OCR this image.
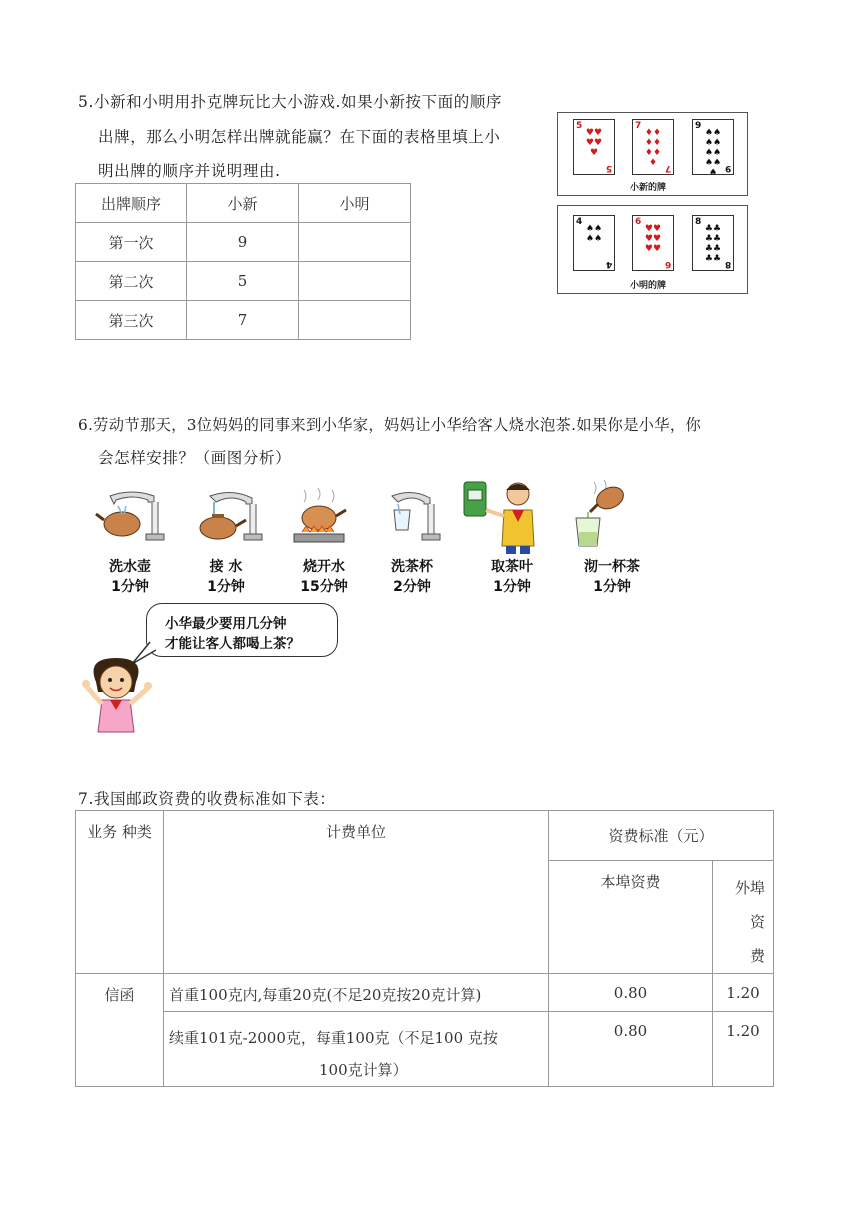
5.小新和小明用扑克牌玩比大小游戏.如果小新按下面的顺序
出牌，那么小明怎样出牌就能赢？在下面的表格里填上小
明出牌的顺序并说明理由.
出牌顺序	小新	小明
第一次	9	
第二次	5	
第三次	7	
5
♥♥♥♥♥
5
7
♦♦♦♦♦♦♦ 7
9
♠♠♠♠♠♠♠♠♠ 9
小新的牌
4
♠♠♠♠
4
6
♥♥♥♥♥♥
6
8
♣♣♣♣♣♣♣♣ 8
小明的牌
6.劳动节那天，3位妈妈的同事来到小华家，妈妈让小华给客人烧水泡茶.如果你是小华，你
会怎样安排？（画图分析）
洗水壶
1分钟
接 水
1分钟
烧开水
15分钟
洗茶杯
2分钟
取茶叶
1分钟
沏一杯茶
1分钟
小华最少要用几分钟
才能让客人都喝上茶？
7.我国邮政资费的收费标准如下表：
业务 种类	计费单位	资费标准（元）	
		本埠资费	外埠
资
费

信函	首重100克内,每重20克(不足20克按20克计算)	0.80	1.20

	续重101克-2000克，每重100克（不足100 克按
100克计算）	0.80	1.20
